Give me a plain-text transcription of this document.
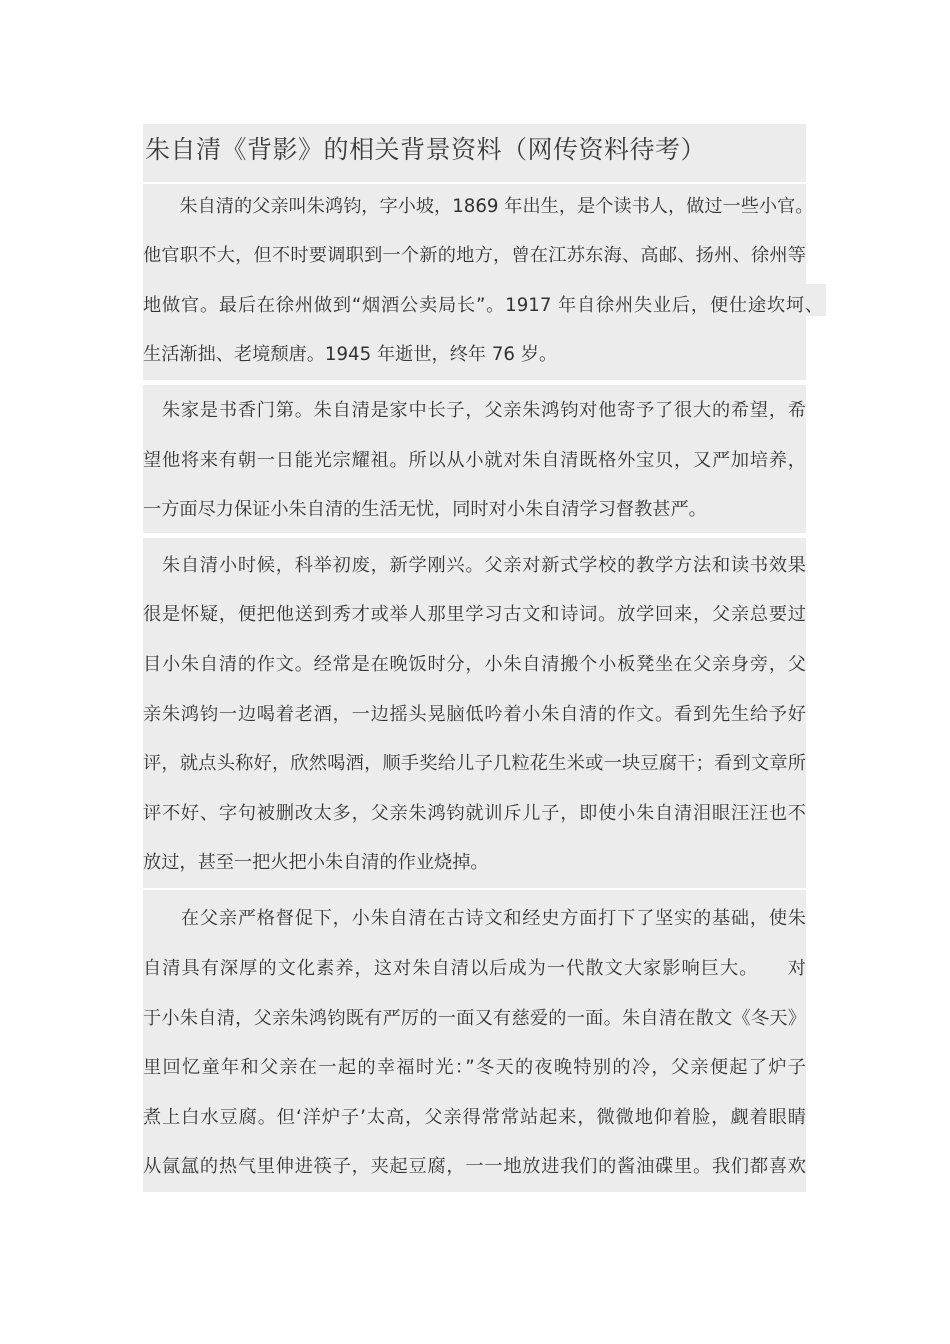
朱自清《背影》的相关背景资料（网传资料待考）
　　朱自清的父亲叫朱鸿钧，字小坡，1869 年出生，是个读书人，做过一些小官。
他官职不大，但不时要调职到一个新的地方，曾在江苏东海、高邮、扬州、徐州等
地做官。最后在徐州做到“烟酒公卖局长”。1917 年自徐州失业后，便仕途坎坷、
生活渐拙、老境颓唐。1945 年逝世，终年 76 岁。
　朱家是书香门第。朱自清是家中长子，父亲朱鸿钧对他寄予了很大的希望，希
望他将来有朝一日能光宗耀祖。所以从小就对朱自清既格外宝贝，又严加培养，
一方面尽力保证小朱自清的生活无忧，同时对小朱自清学习督教甚严。
　朱自清小时候，科举初废，新学刚兴。父亲对新式学校的教学方法和读书效果
很是怀疑，便把他送到秀才或举人那里学习古文和诗词。放学回来，父亲总要过
目小朱自清的作文。经常是在晚饭时分，小朱自清搬个小板凳坐在父亲身旁，父
亲朱鸿钧一边喝着老酒，一边摇头晃脑低吟着小朱自清的作文。看到先生给予好
评，就点头称好，欣然喝酒，顺手奖给儿子几粒花生米或一块豆腐干；看到文章所
评不好、字句被删改太多，父亲朱鸿钧就训斥儿子，即使小朱自清泪眼汪汪也不
放过，甚至一把火把小朱自清的作业烧掉。
　　在父亲严格督促下，小朱自清在古诗文和经史方面打下了坚实的基础，使朱
自清具有深厚的文化素养，这对朱自清以后成为一代散文大家影响巨大。　　对
于小朱自清，父亲朱鸿钧既有严厉的一面又有慈爱的一面。朱自清在散文《冬天》
里回忆童年和父亲在一起的幸福时光：”冬天的夜晚特别的冷，父亲便起了炉子
煮上白水豆腐。但‘洋炉子’太高，父亲得常常站起来，微微地仰着脸，觑着眼睛
从氤氲的热气里伸进筷子，夹起豆腐，一一地放进我们的酱油碟里。我们都喜欢
